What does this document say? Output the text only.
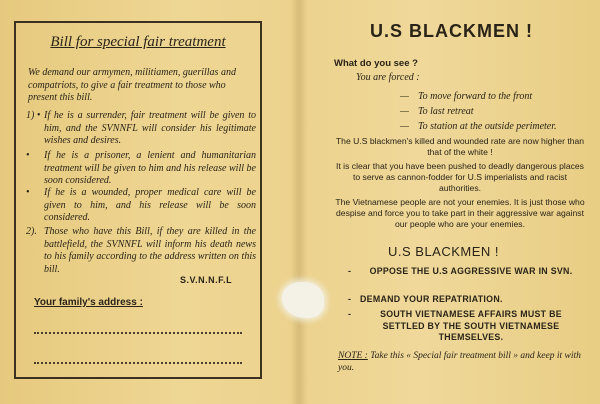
Bill for special fair treatment
We demand our armymen, militiamen, guerillas and compatriots, to give a fair treatment to those who present this bill.
1) • If he is a surrender, fair treatment will be given to him, and the SVNNFL will consider his legitimate wishes and desires.
• If he is a prisoner, a lenient and humanitarian treatment will be given to him and his release will be soon considered.
• If he is a wounded, proper medical care will be given to him, and his release will be soon considered.
2). Those who have this Bill, if they are killed in the battlefield, the SVNNFL will inform his death news to his family according to the address written on this bill.
S.V.N.N.F.L
Your family's address :
U.S BLACKMEN !
What do you see ?
You are forced :
— To move forward to the front
— To last retreat
— To station at the outside perimeter.
The U.S blackmen's killed and wounded rate are now higher than that of the white !
It is clear that you have been pushed to deadly dangerous places to serve as cannon-fodder for U.S imperialists and racist authorities.
The Vietnamese people are not your enemies. It is just those who despise and force you to take part in their aggressive war against our people who are your enemies.
U.S BLACKMEN !
-	OPPOSE THE U.S AGGRESSIVE WAR IN SVN.
- DEMAND YOUR REPATRIATION.
-	SOUTH VIETNAMESE AFFAIRS MUST BE SETTLED BY THE SOUTH VIETNAMESE THEMSELVES.
NOTE : Take this « Special fair treatment bill » and keep it with you.
